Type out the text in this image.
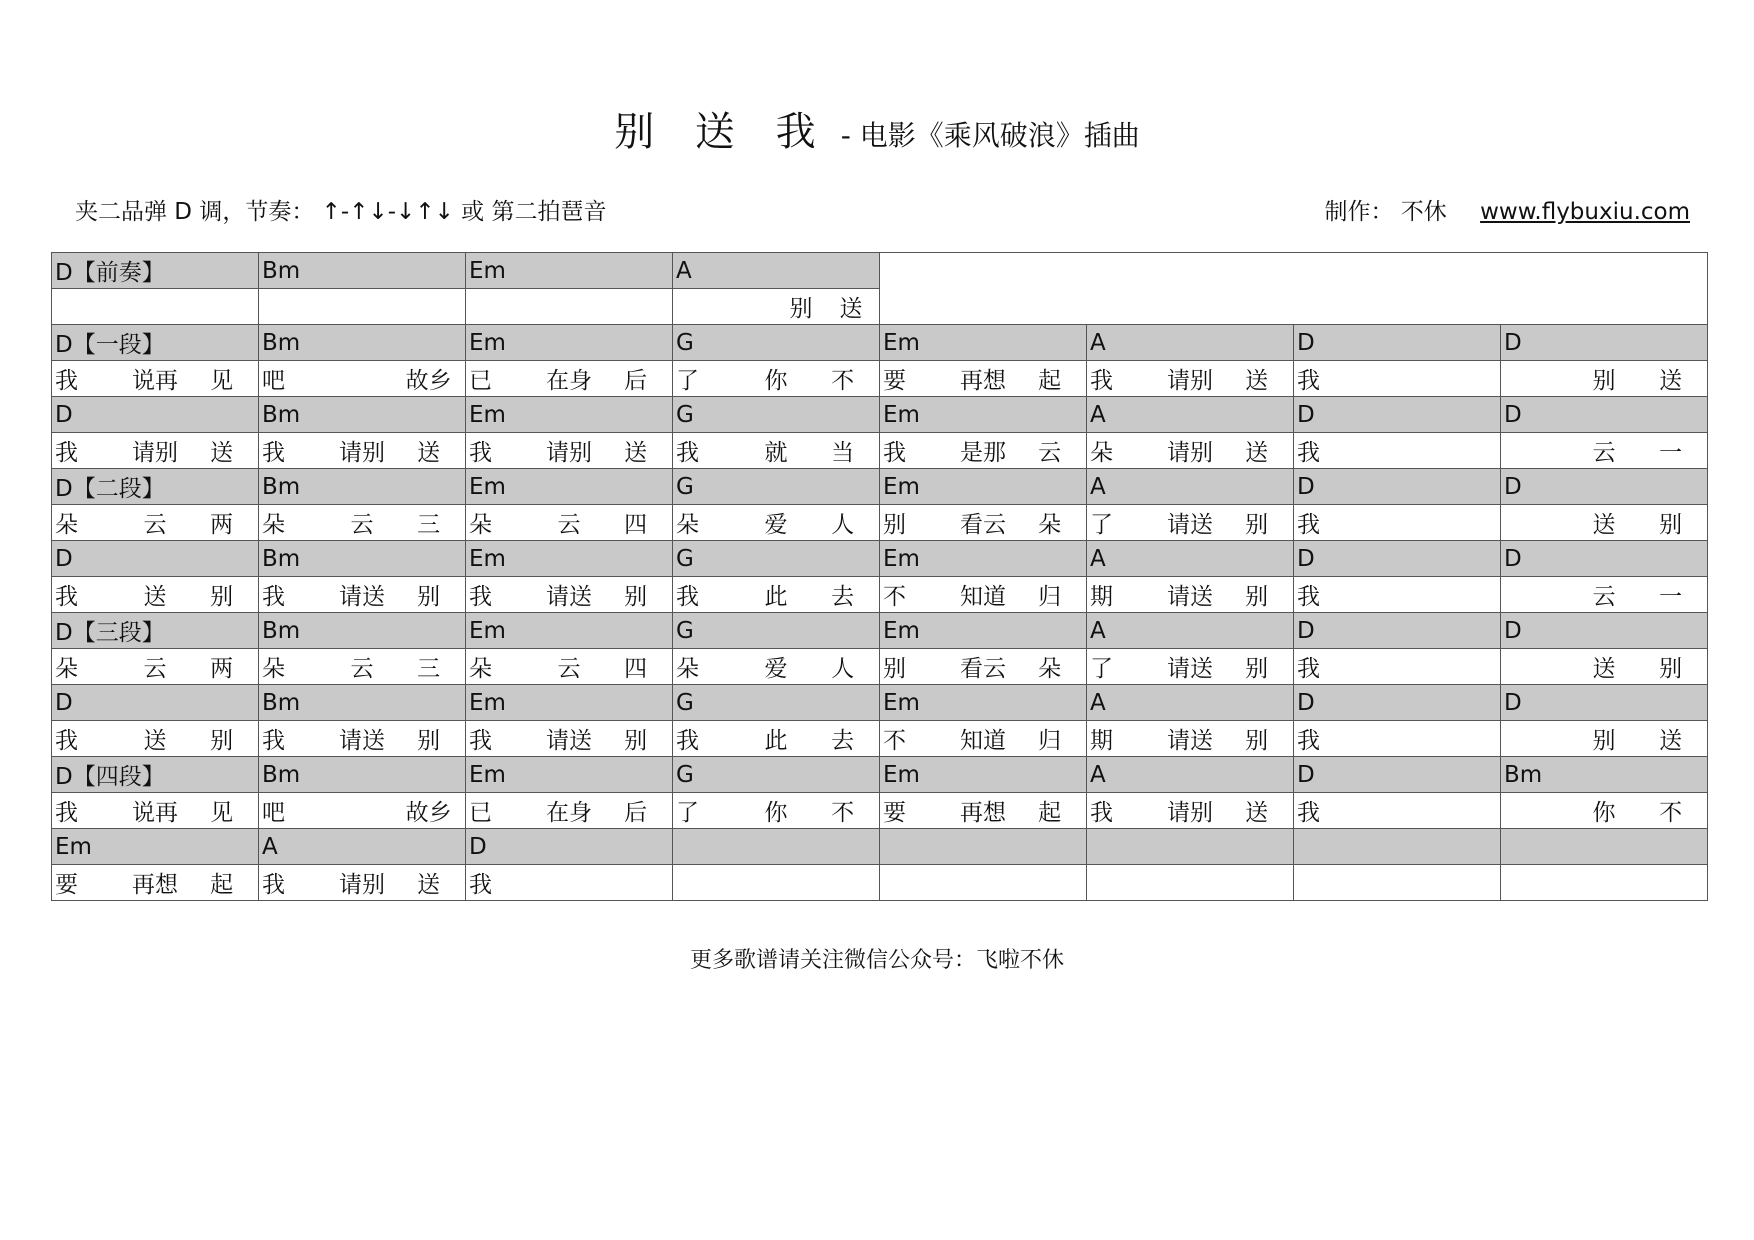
别 送 我 - 电影《乘风破浪》插曲
夹二品弹 D 调，节奏： ↑-↑↓-↓↑↓ 或 第二拍琶音	制作： 不休 www.flybuxiu.com
D【前奏】	Bm	Em	A				

			别 送				

D【一段】	Bm	Em	G	Em	A	D	D

我 说再 见	吧 故乡	已 在身 后	了 你 不	要 再想 起	我 请别 送	我	别 送

D	Bm	Em	G	Em	A	D	D

我 请别 送	我 请别 送	我 请别 送	我 就 当	我 是那 云	朵 请别 送	我	云 一

D【二段】	Bm	Em	G	Em	A	D	D

朵 云 两	朵 云 三	朵 云 四	朵 爱 人	别 看云 朵	了 请送 别	我	送 别

D	Bm	Em	G	Em	A	D	D

我 送 别	我 请送 别	我 请送 别	我 此 去	不 知道 归	期 请送 别	我	云 一

D【三段】	Bm	Em	G	Em	A	D	D

朵 云 两	朵 云 三	朵 云 四	朵 爱 人	别 看云 朵	了 请送 别	我	送 别

D	Bm	Em	G	Em	A	D	D

我 送 别	我 请送 别	我 请送 别	我 此 去	不 知道 归	期 请送 别	我	别 送

D【四段】	Bm	Em	G	Em	A	D	Bm

我 说再 见	吧 故乡	已 在身 后	了 你 不	要 再想 起	我 请别 送	我	你 不

Em	A	D					

要 再想 起	我 请别 送	我					

更多歌谱请关注微信公众号：飞啦不休
